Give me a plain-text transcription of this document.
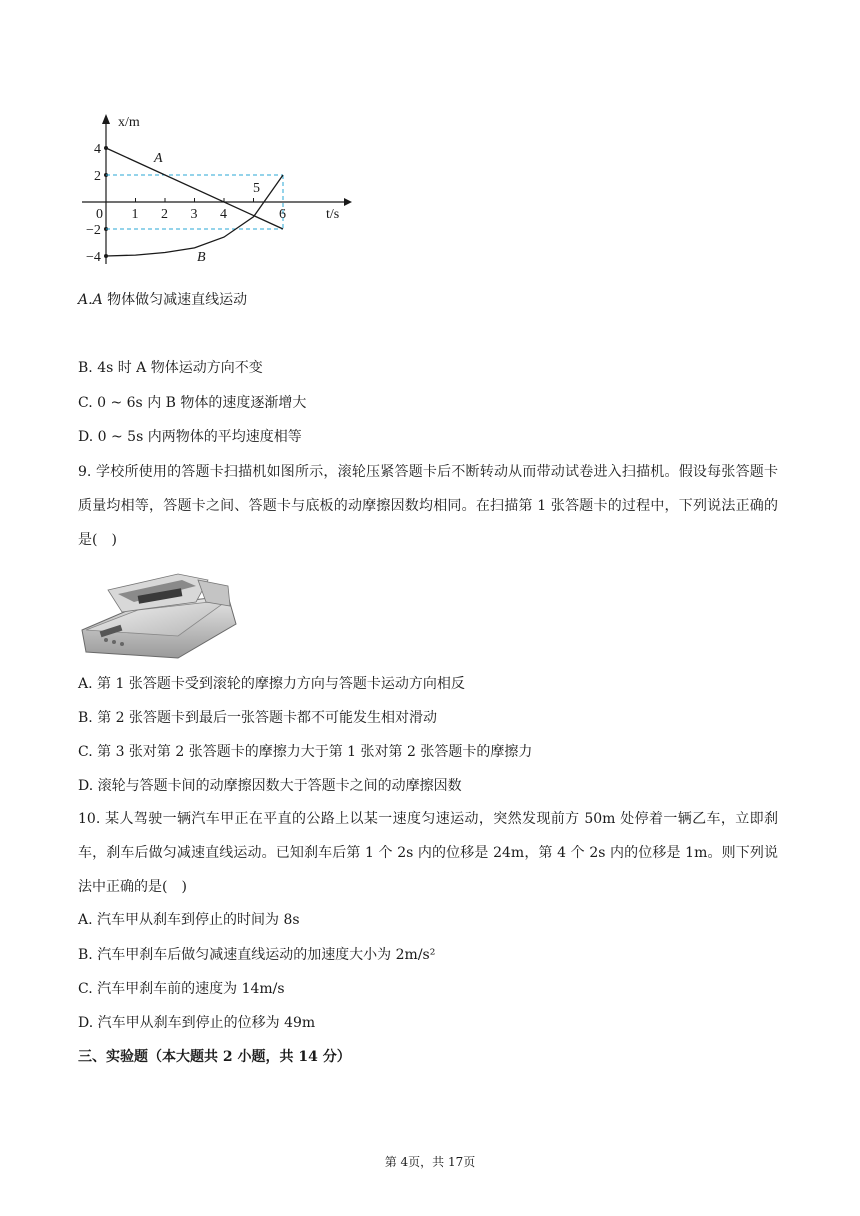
0 1 2 3 4	6
4
2
−2
−4
x/m
t/s
A
B
5
A.A 物体做匀减速直线运动
B. 4s 时 A 物体运动方向不变
C. 0 ~ 6s 内 B 物体的速度逐渐增大
D. 0 ~ 5s 内两物体的平均速度相等
9. 学校所使用的答题卡扫描机如图所示，滚轮压紧答题卡后不断转动从而带动试卷进入扫描机。假设每张答题卡质量均相等，答题卡之间、答题卡与底板的动摩擦因数均相同。在扫描第 1 张答题卡的过程中，下列说法正确的是(　)
A. 第 1 张答题卡受到滚轮的摩擦力方向与答题卡运动方向相反
B. 第 2 张答题卡到最后一张答题卡都不可能发生相对滑动
C. 第 3 张对第 2 张答题卡的摩擦力大于第 1 张对第 2 张答题卡的摩擦力
D. 滚轮与答题卡间的动摩擦因数大于答题卡之间的动摩擦因数
10. 某人驾驶一辆汽车甲正在平直的公路上以某一速度匀速运动，突然发现前方 50m 处停着一辆乙车，立即刹车，刹车后做匀减速直线运动。已知刹车后第 1 个 2s 内的位移是 24m，第 4 个 2s 内的位移是 1m。则下列说法中正确的是(　)
A. 汽车甲从刹车到停止的时间为 8s
B. 汽车甲刹车后做匀减速直线运动的加速度大小为 2m/s²
C. 汽车甲刹车前的速度为 14m/s
D. 汽车甲从刹车到停止的位移为 49m
三、实验题（本大题共 2 小题，共 14 分）
第 4页，共 17页
